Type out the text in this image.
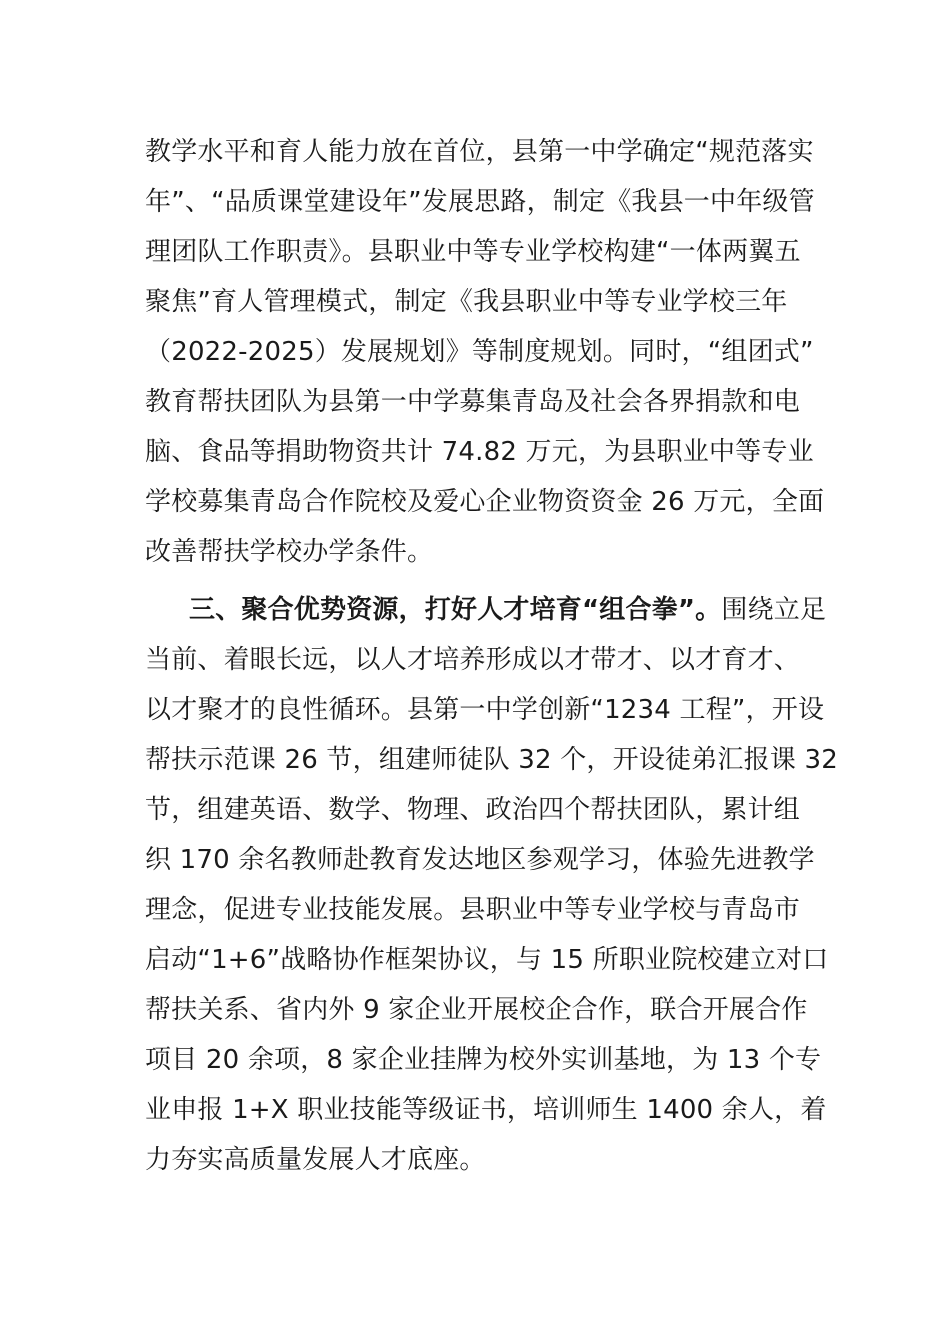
教学水平和育人能力放在首位，县第一中学确定“规范落实
年”、“品质课堂建设年”发展思路，制定《我县一中年级管
理团队工作职责》。县职业中等专业学校构建“一体两翼五
聚焦”育人管理模式，制定《我县职业中等专业学校三年
（2022-2025）发展规划》等制度规划。同时，“组团式”
教育帮扶团队为县第一中学募集青岛及社会各界捐款和电
脑、食品等捐助物资共计 74.82 万元，为县职业中等专业
学校募集青岛合作院校及爱心企业物资资金 26 万元，全面
改善帮扶学校办学条件。
三、聚合优势资源，打好人才培育“组合拳”。围绕立足
当前、着眼长远，以人才培养形成以才带才、以才育才、
以才聚才的良性循环。县第一中学创新“1234 工程”，开设
帮扶示范课 26 节，组建师徒队 32 个，开设徒弟汇报课 32
节，组建英语、数学、物理、政治四个帮扶团队，累计组
织 170 余名教师赴教育发达地区参观学习，体验先进教学
理念，促进专业技能发展。县职业中等专业学校与青岛市
启动“1+6”战略协作框架协议，与 15 所职业院校建立对口
帮扶关系、省内外 9 家企业开展校企合作，联合开展合作
项目 20 余项，8 家企业挂牌为校外实训基地，为 13 个专
业申报 1+X 职业技能等级证书，培训师生 1400 余人，着
力夯实高质量发展人才底座。
